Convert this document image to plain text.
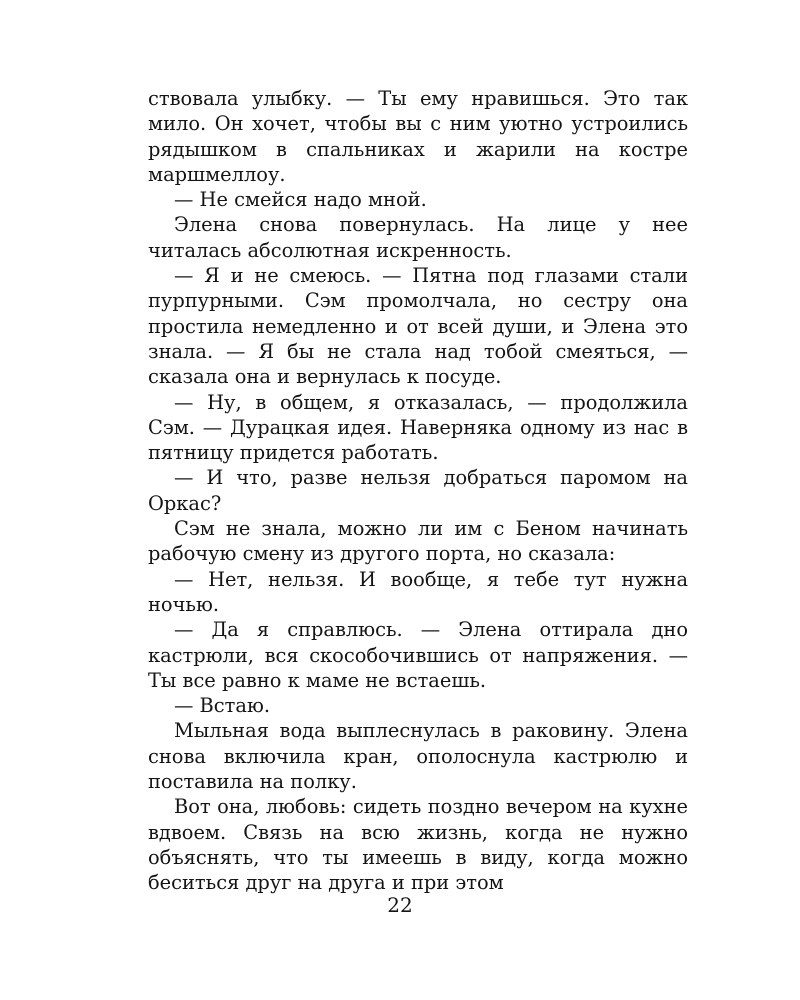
ствовала улыбку. — Ты ему нравишься. Это так мило. Он хочет, чтобы вы с ним уютно устроились рядышком в спальниках и жарили на костре маршмеллоу.

— Не смейся надо мной.

Элена снова повернулась. На лице у нее читалась абсолютная искренность.

— Я и не смеюсь. — Пятна под глазами стали пурпурными. Сэм промолчала, но сестру она простила немедленно и от всей души, и Элена это знала. — Я бы не стала над тобой смеяться, — сказала она и вернулась к посуде.

— Ну, в общем, я отказалась, — продолжила Сэм. — Дурацкая идея. Наверняка одному из нас в пятницу придется работать.

— И что, разве нельзя добраться паромом на Оркас?

Сэм не знала, можно ли им с Беном начинать рабочую смену из другого порта, но сказала:

— Нет, нельзя. И вообще, я тебе тут нужна ночью.

— Да я справлюсь. — Элена оттирала дно кастрюли, вся скособочившись от напряжения. — Ты все равно к маме не встаешь.

— Встаю.

Мыльная вода выплеснулась в раковину. Элена снова включила кран, ополоснула кастрюлю и поставила на полку.

Вот она, любовь: сидеть поздно вечером на кухне вдвоем. Связь на всю жизнь, когда не нужно объяснять, что ты имеешь в виду, когда можно беситься друг на друга и при этом

22
